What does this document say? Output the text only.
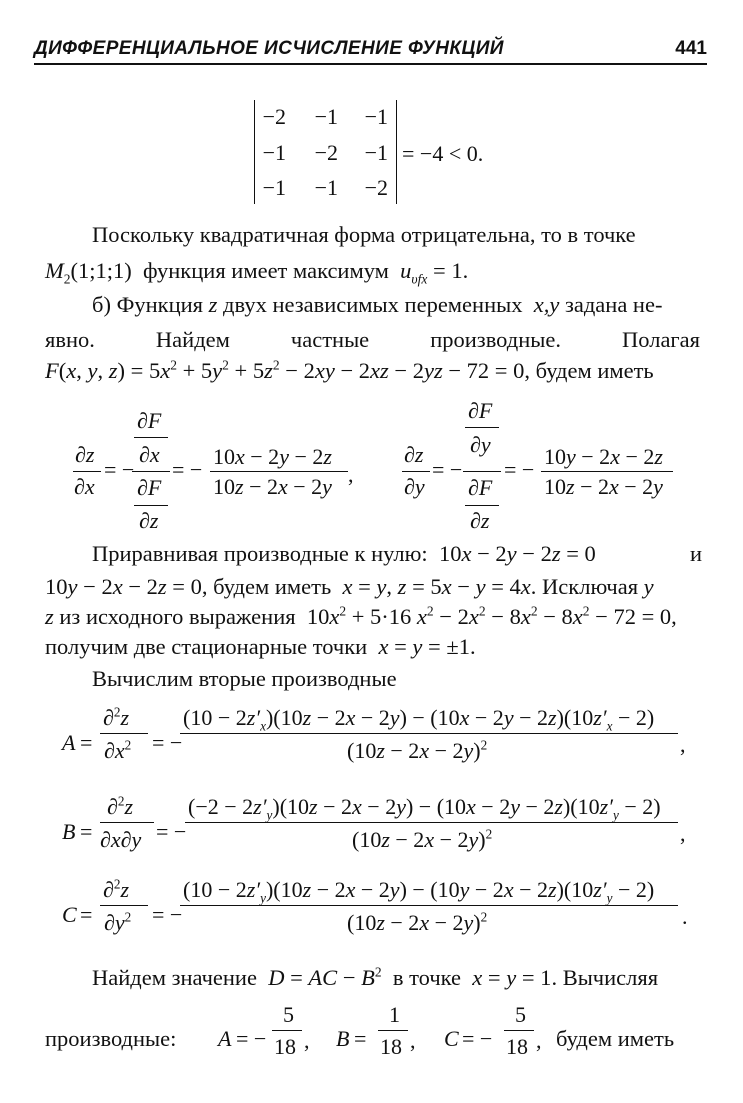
ДИФФЕРЕНЦИАЛЬНОЕ ИСЧИСЛЕНИЕ ФУНКЦИЙ	441
−2 −1 −1
−1 −2 −1
−1 −1 −2
= −4 < 0.
Поскольку квадратичная форма отрицательна, то в точке
$M_2(1;1;1)$  функция имеет максимум $u_{\upsilon fx} = 1$.
б) Функция z двух независимых переменных x,y задана не-
явно.	Найдем	частные	производные.	Полагая
F(x, y, $z) = 5x^2 + 5y^2 + 5z^2 - 2xy - 2xz - 2yz - 72 = 0$, будем иметь
∂z
∂x
= −
∂F
∂x
∂F
∂z
= −
10x − 2y − 2z
10z − 2x − 2y ,
∂z
∂y
= −
∂F
∂y
∂F
∂z
= −
10y − 2x − 2z
10z − 2x − 2y
Приравнивая производные к нулю:  10x − 2y − 2z = 0	и
10y − 2x − 2z = 0, будем иметь x = y, z = 5x − y = 4x. Исключая y
z из исходного выражения  $10x^2 + 5\cdot 16$ $x^2 - 2x^2 - 8x^2 - 8x^2 - 72 = 0$,
получим две стационарные точки x = y = ±1.
Вычислим вторые производные
A =
∂$^2$z
$\partial x^2$ = −
$(10 - 2z'_x)(10z - 2x - 2y) - (10x - 2y - 2z)(10z'_x - 2)$
$(10z - 2x - 2y)^2$	,
B =
∂$^2$z
∂x∂y = −
$(-2 - 2z'_y)(10z - 2x - 2y) - (10x - 2y - 2z)(10z'_y - 2)$
$(10z - 2x - 2y)^2$	,
C =
∂$^2$z
$\partial y^2$ = −
$(10 - 2z'_y)(10z - 2x - 2y) - (10y - 2x - 2z)(10z'_y - 2)$
$(10z - 2x - 2y)^2$	.
Найдем значение D = AC − $B^2$ в точке x = y = 1. Вычисляя
производные: A = −
5
18 , B =
1
18 , C = −
5
18 , будем иметь
